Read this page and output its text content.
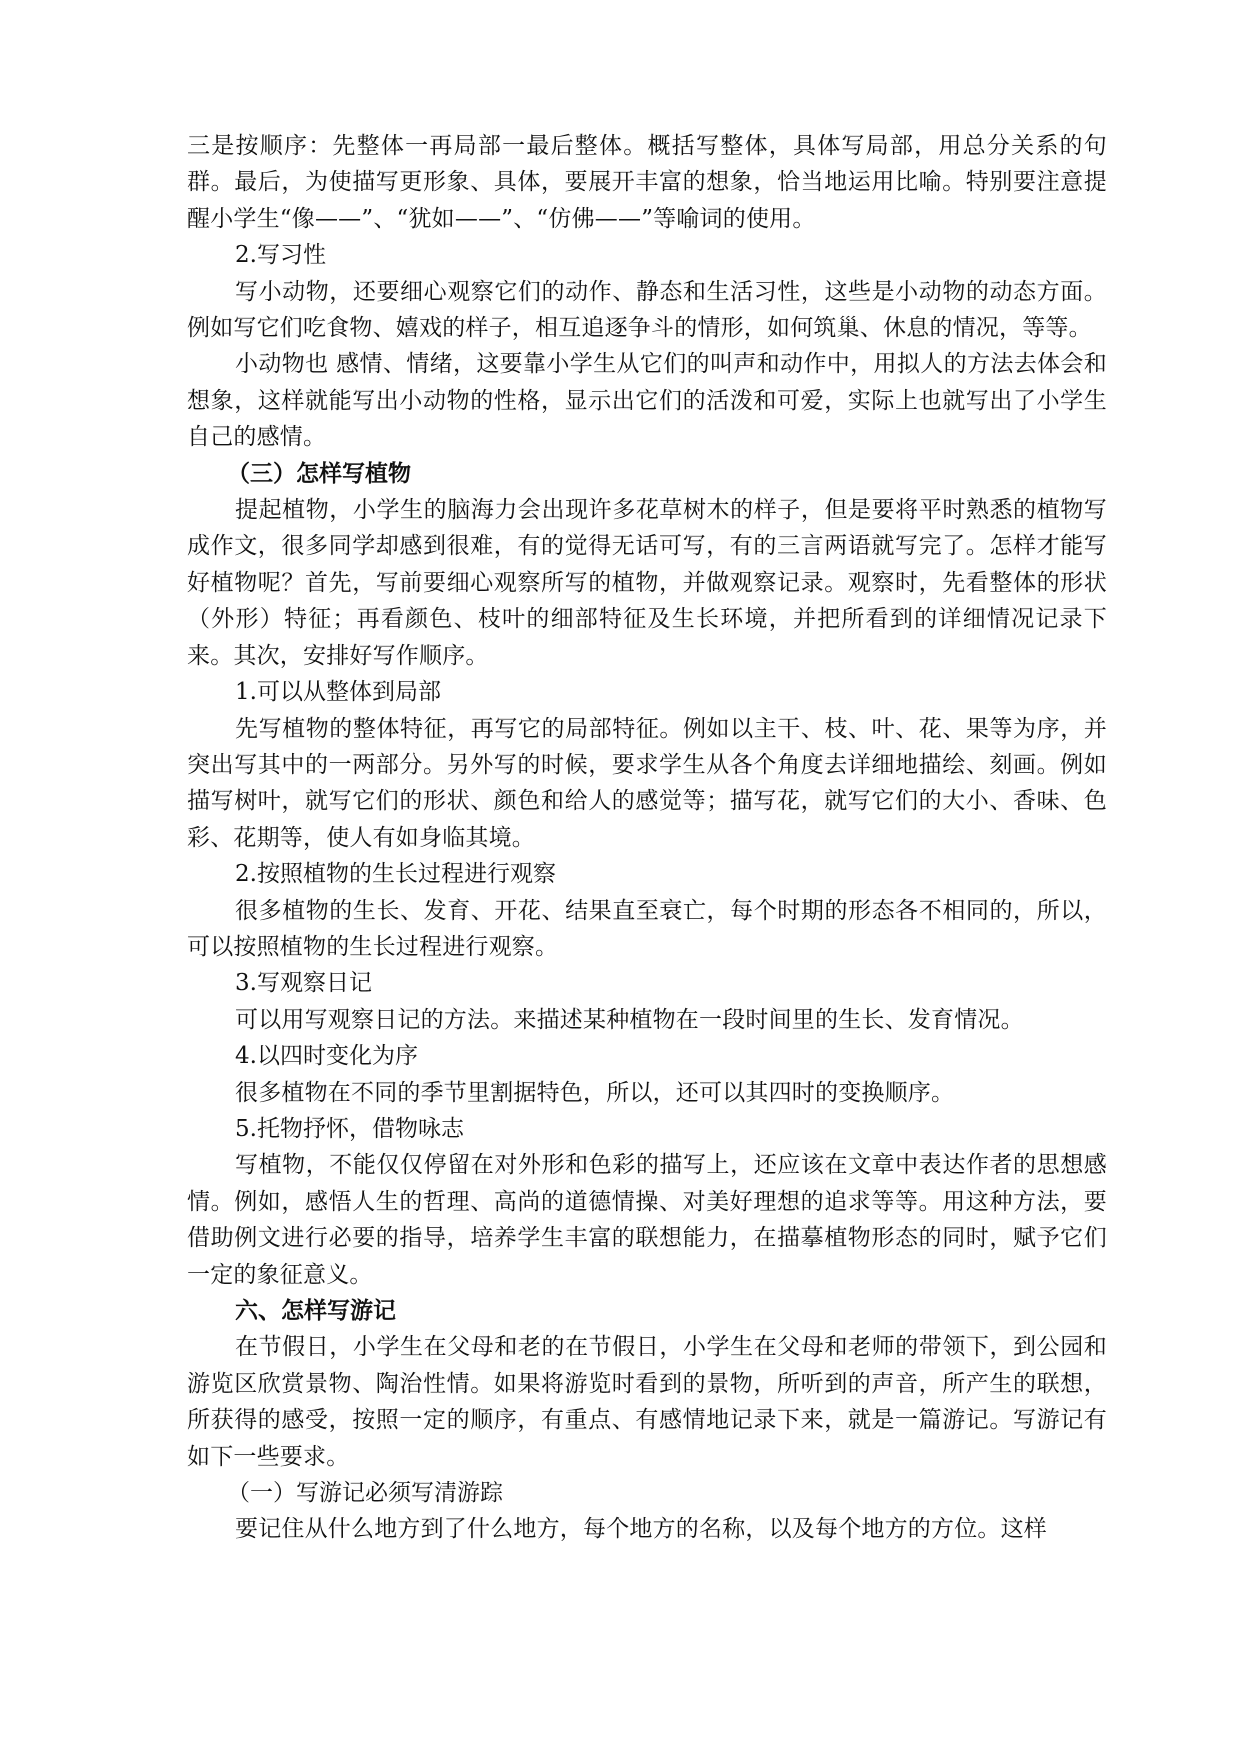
三是按顺序：先整体一再局部一最后整体。概括写整体，具体写局部，用总分关系的句群。最后，为使描写更形象、具体，要展开丰富的想象，恰当地运用比喻。特别要注意提醒小学生“像——”、“犹如——”、“仿佛——”等喻词的使用。

2.写习性

写小动物，还要细心观察它们的动作、静态和生活习性，这些是小动物的动态方面。例如写它们吃食物、嬉戏的样子，相互追逐争斗的情形，如何筑巢、休息的情况，等等。

小动物也 感情、情绪，这要靠小学生从它们的叫声和动作中，用拟人的方法去体会和想象，这样就能写出小动物的性格，显示出它们的活泼和可爱，实际上也就写出了小学生自己的感情。

（三）怎样写植物

提起植物，小学生的脑海力会出现许多花草树木的样子，但是要将平时熟悉的植物写成作文，很多同学却感到很难，有的觉得无话可写，有的三言两语就写完了。怎样才能写好植物呢？首先，写前要细心观察所写的植物，并做观察记录。观察时，先看整体的形状（外形）特征；再看颜色、枝叶的细部特征及生长环境，并把所看到的详细情况记录下来。其次，安排好写作顺序。

1.可以从整体到局部

先写植物的整体特征，再写它的局部特征。例如以主干、枝、叶、花、果等为序，并突出写其中的一两部分。另外写的时候，要求学生从各个角度去详细地描绘、刻画。例如描写树叶，就写它们的形状、颜色和给人的感觉等；描写花，就写它们的大小、香味、色彩、花期等，使人有如身临其境。

2.按照植物的生长过程进行观察

很多植物的生长、发育、开花、结果直至衰亡，每个时期的形态各不相同的，所以，可以按照植物的生长过程进行观察。

3.写观察日记

可以用写观察日记的方法。来描述某种植物在一段时间里的生长、发育情况。

4.以四时变化为序

很多植物在不同的季节里割据特色，所以，还可以其四时的变换顺序。

5.托物抒怀，借物咏志

写植物，不能仅仅停留在对外形和色彩的描写上，还应该在文章中表达作者的思想感情。例如，感悟人生的哲理、高尚的道德情操、对美好理想的追求等等。用这种方法，要借助例文进行必要的指导，培养学生丰富的联想能力，在描摹植物形态的同时，赋予它们一定的象征意义。

六、怎样写游记

在节假日，小学生在父母和老的在节假日，小学生在父母和老师的带领下，到公园和游览区欣赏景物、陶治性情。如果将游览时看到的景物，所听到的声音，所产生的联想，所获得的感受，按照一定的顺序，有重点、有感情地记录下来，就是一篇游记。写游记有如下一些要求。

（一）写游记必须写清游踪

要记住从什么地方到了什么地方，每个地方的名称，以及每个地方的方位。这样
